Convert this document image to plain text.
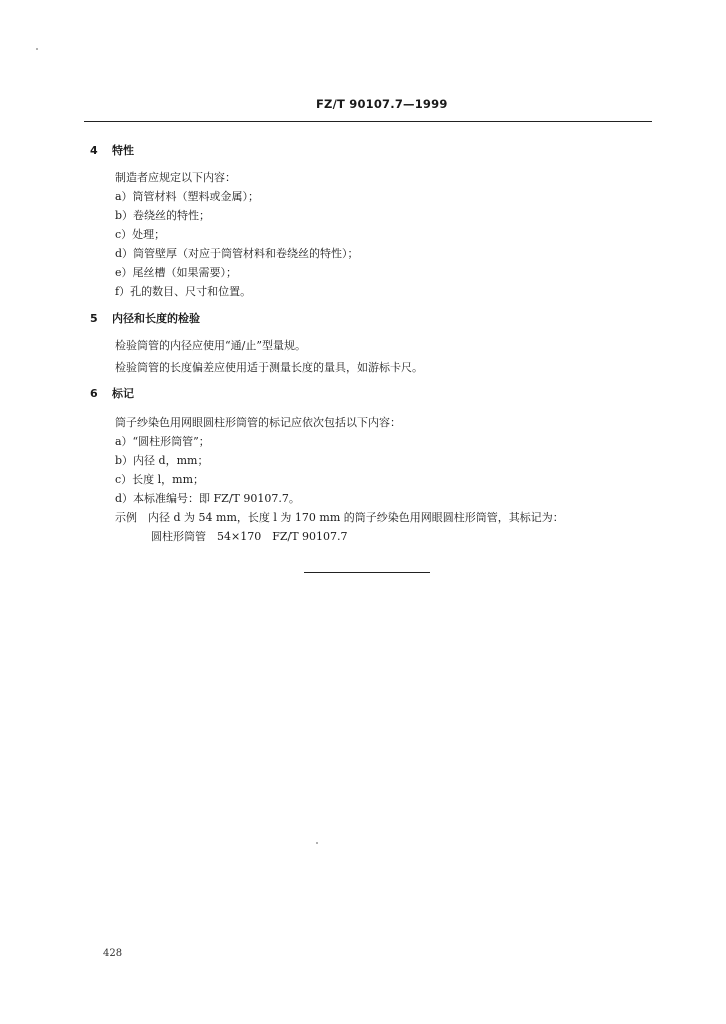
FZ/T 90107.7—1999
4 特性
制造者应规定以下内容：
a）筒管材料（塑料或金属）；
b）卷绕丝的特性；
c）处理；
d）筒管壁厚（对应于筒管材料和卷绕丝的特性）；
e）尾丝槽（如果需要）；
f）孔的数目、尺寸和位置。
5 内径和长度的检验
检验筒管的内径应使用“通/止”型量规。
检验筒管的长度偏差应使用适于测量长度的量具，如游标卡尺。
6 标记
筒子纱染色用网眼圆柱形筒管的标记应依次包括以下内容：
a）“圆柱形筒管”；
b）内径 d，mm；
c）长度 l，mm；
d）本标准编号：即 FZ/T 90107.7。
示例　内径 d 为 54 mm，长度 l 为 170 mm 的筒子纱染色用网眼圆柱形筒管，其标记为：
圆柱形筒管　54×170　FZ/T 90107.7
428
